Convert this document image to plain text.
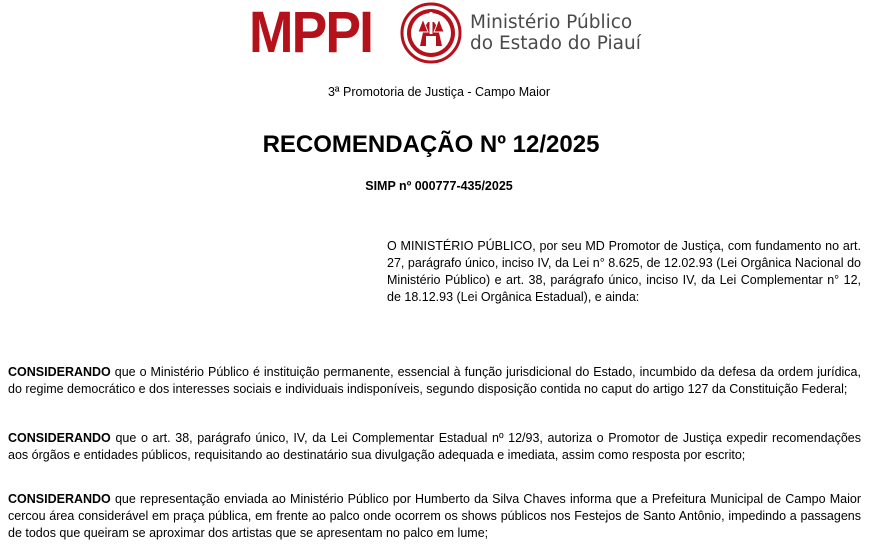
MPPI	Ministério Público
do Estado do Piauí
3ª Promotoria de Justiça - Campo Maior
RECOMENDAÇÃO Nº 12/2025
SIMP nº 000777-435/2025
O MINISTÉRIO PÚBLICO, por seu MD Promotor de Justiça, com fundamento no art. 27, parágrafo único, inciso IV, da Lei n° 8.625, de 12.02.93 (Lei Orgânica Nacional do Ministério Público) e art. 38, parágrafo único, inciso IV, da Lei Complementar n° 12, de 18.12.93 (Lei Orgânica Estadual), e ainda:

CONSIDERANDO que o Ministério Público é instituição permanente, essencial à função jurisdicional do Estado, incumbido da defesa da ordem jurídica, do regime democrático e dos interesses sociais e individuais indisponíveis, segundo disposição contida no caput do artigo 127 da Constituição Federal;

CONSIDERANDO que o art. 38, parágrafo único, IV, da Lei Complementar Estadual nº 12/93, autoriza o Promotor de Justiça expedir recomendações aos órgãos e entidades públicos, requisitando ao destinatário sua divulgação adequada e imediata, assim como resposta por escrito;

CONSIDERANDO que representação enviada ao Ministério Público por Humberto da Silva Chaves informa que a Prefeitura Municipal de Campo Maior cercou área considerável em praça pública, em frente ao palco onde ocorrem os shows públicos nos Festejos de Santo Antônio, impedindo a passagens de todos que queiram se aproximar dos artistas que se apresentam no palco em lume;
